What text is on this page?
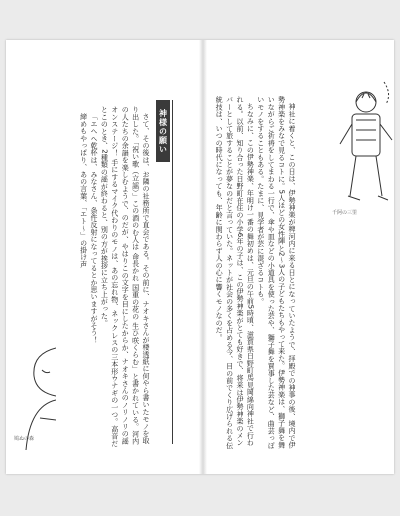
神様の願い	神社に着くと、この日は、伊勢神楽が稗河内に来る日とになっていたようで、拝殿での神事の後、境内で伊勢神楽をみなで見るコトに。5人ほどの女性陣と2〜3人の子どもたちもやって来た。伊勢神楽は、獅子舞を舞いながらご祈祷をしてまわる一行で、傘や皿などの小道具を使った芸や、獅子舞を買事した芸など、曲芸っぽいモノをすることもある。たまに、見学者が芸に混ざるコトも。

ちなみに、この伊勢神楽、年明け一番の舞初めは、元旦の午前5時頃、滋賀県日野町馬見岡綿向神社で行われる。以前、知り合った日野町在住の小学6年の子は、この伊勢神楽がとても好きで、将来は伊勢神楽のメンバーとして旅することが夢なのだと言っていた。ネットが社会の多くを占める今、目の前でくり広げられる伝統技は、いつの時代になっても、年齢に関わらず人の心に響くモノなのだ。

さて、その後は、お隣の社務所で直会である。その前に、ナオキさんが楼透紙に何やら書いたモノを取り出した。「祝い歌（立謡）」この酒のむ人は 命長かれ 国重の花の 生ひ咲くらむ」と書かれている。河内の人たちの余韻を楽しむようで、のだが、やはりこの文字を目にしたからか、ナオキさんのノリノリの謡オンステージ！ 手にするマイク代わりのモノは、あの忘れ物、ネックレスの三本形ウナギの一つ。高音だとこのとき、2種類の謡が終わると、別の方が挨拶に立ち上がった。

「エヘヘ乾杯は、みなさん、条件反射になってるとか思いますがそう！

締めもやっぱり、あの言葉、「エト〜」の掛け声	千阿の三里
鳩ぬの森
